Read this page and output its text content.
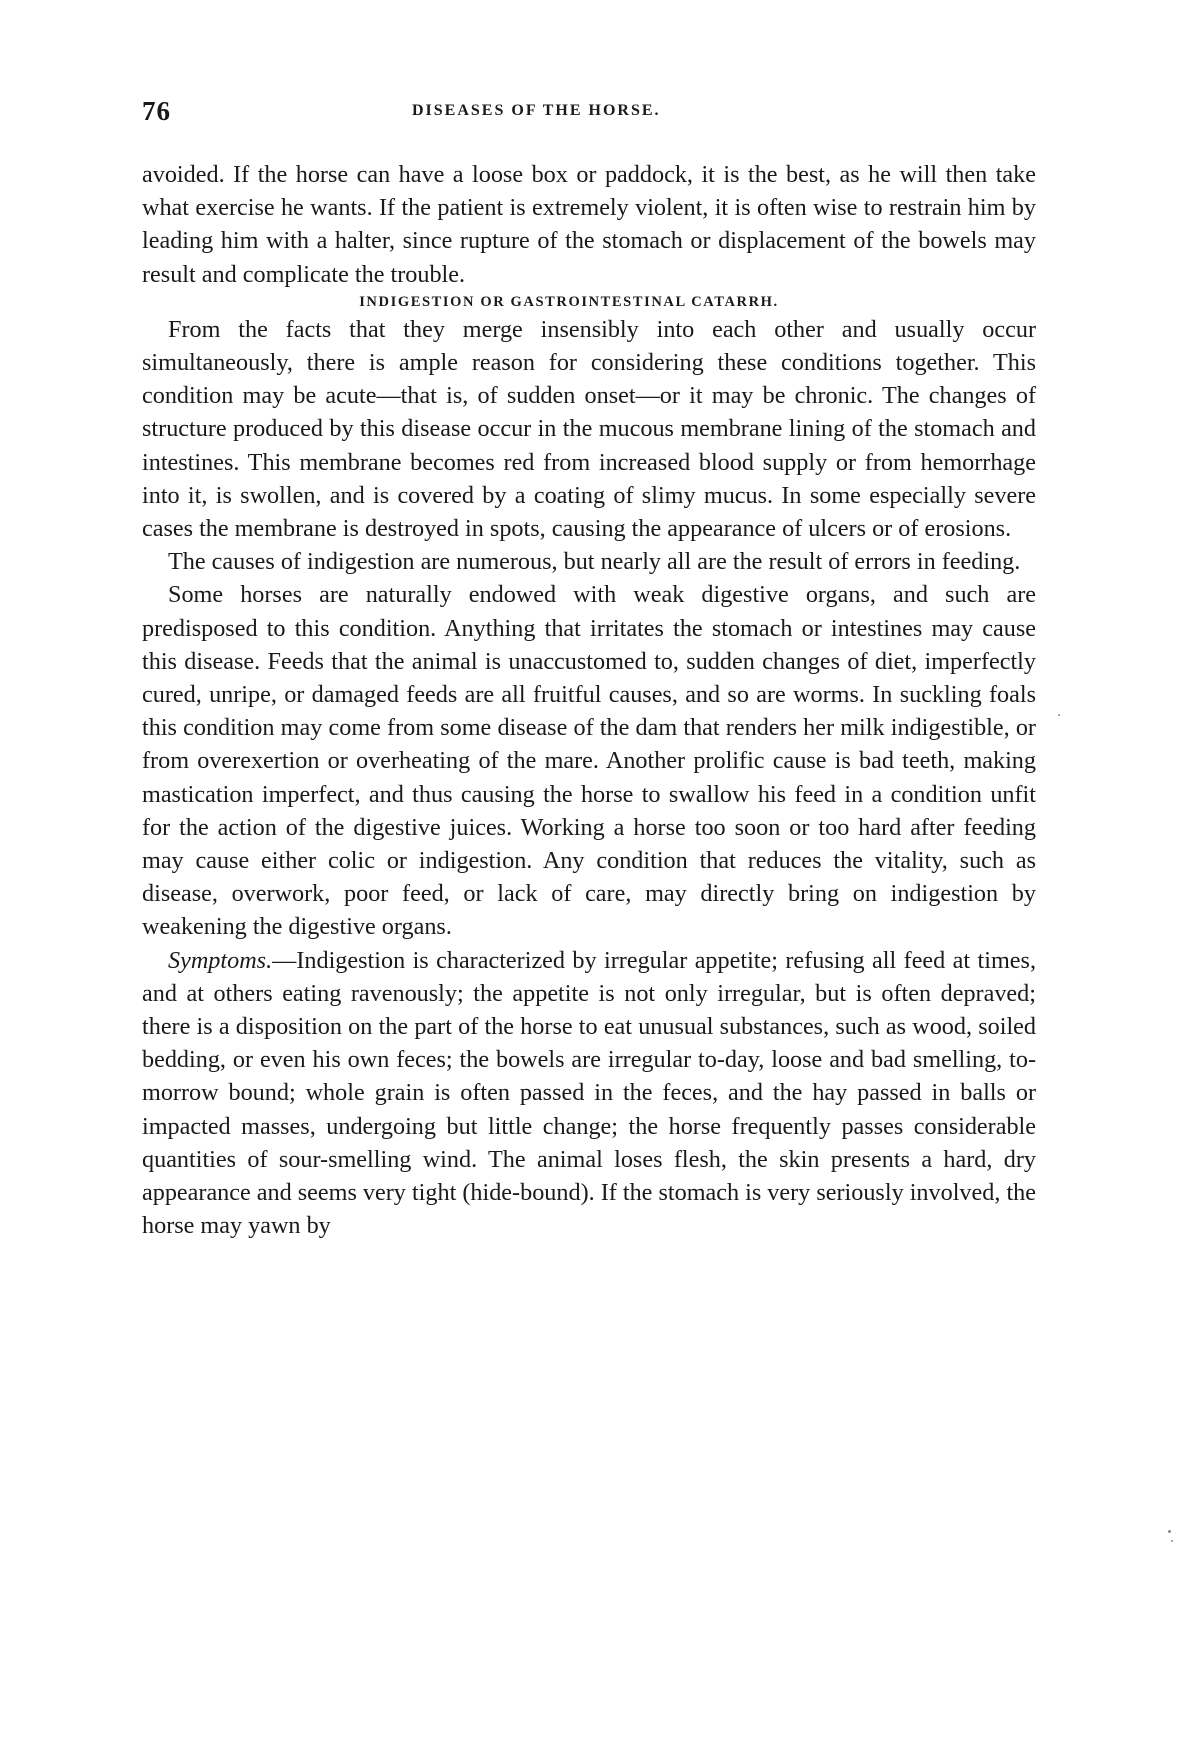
76	DISEASES OF THE HORSE.

avoided. If the horse can have a loose box or paddock, it is the best, as he will then take what exercise he wants. If the patient is extremely violent, it is often wise to restrain him by leading him with a halter, since rupture of the stomach or displacement of the bowels may result and complicate the trouble.

INDIGESTION OR GASTROINTESTINAL CATARRH.

From the facts that they merge insensibly into each other and usually occur simultaneously, there is ample reason for considering these conditions together. This condition may be acute—that is, of sudden onset—or it may be chronic. The changes of structure produced by this disease occur in the mucous membrane lining of the stomach and intestines. This membrane becomes red from increased blood supply or from hemorrhage into it, is swollen, and is covered by a coating of slimy mucus. In some especially severe cases the membrane is destroyed in spots, causing the appearance of ulcers or of erosions.

The causes of indigestion are numerous, but nearly all are the result of errors in feeding.

Some horses are naturally endowed with weak digestive organs, and such are predisposed to this condition. Anything that irritates the stomach or intestines may cause this disease. Feeds that the animal is unaccustomed to, sudden changes of diet, imperfectly cured, unripe, or damaged feeds are all fruitful causes, and so are worms. In suckling foals this condition may come from some disease of the dam that renders her milk indigestible, or from overexertion or overheating of the mare. Another prolific cause is bad teeth, making mastication imperfect, and thus causing the horse to swallow his feed in a condition unfit for the action of the digestive juices. Working a horse too soon or too hard after feeding may cause either colic or indigestion. Any condition that reduces the vitality, such as disease, overwork, poor feed, or lack of care, may directly bring on indigestion by weakening the digestive organs.

Symptoms.—Indigestion is characterized by irregular appetite; refusing all feed at times, and at others eating ravenously; the appetite is not only irregular, but is often depraved; there is a disposition on the part of the horse to eat unusual substances, such as wood, soiled bedding, or even his own feces; the bowels are irregular to-day, loose and bad smelling, to-morrow bound; whole grain is often passed in the feces, and the hay passed in balls or impacted masses, undergoing but little change; the horse frequently passes considerable quantities of sour-smelling wind. The animal loses flesh, the skin presents a hard, dry appearance and seems very tight (hide-bound). If the stomach is very seriously involved, the horse may yawn by
